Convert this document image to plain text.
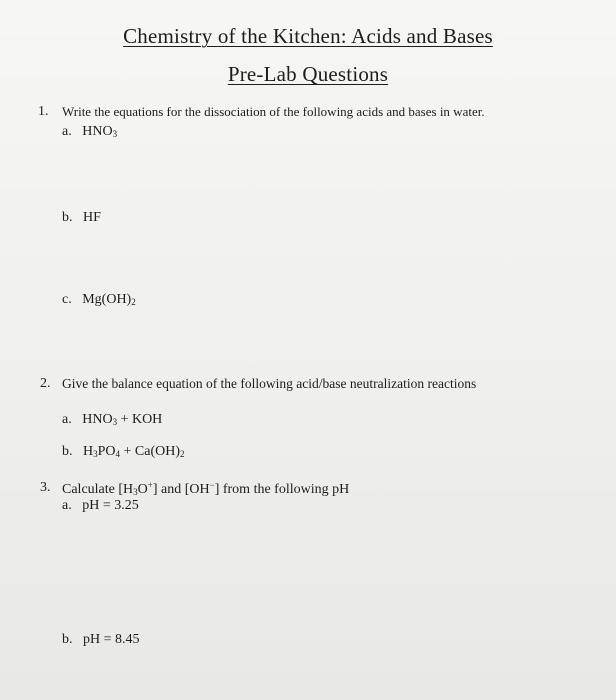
Chemistry of the Kitchen: Acids and Bases
Pre-Lab Questions
1. Write the equations for the dissociation of the following acids and bases in water.
a. $HNO_3$
b. HF
c. $Mg(OH)_2$
2. Give the balance equation of the following acid/base neutralization reactions
a. $HNO_3$ + KOH
b. $H_3PO_4 + Ca(OH)_2$
3. Calculate $[H_3O^+]$ and [OH−] from the following pH
a. pH = 3.25
b. pH = 8.45
